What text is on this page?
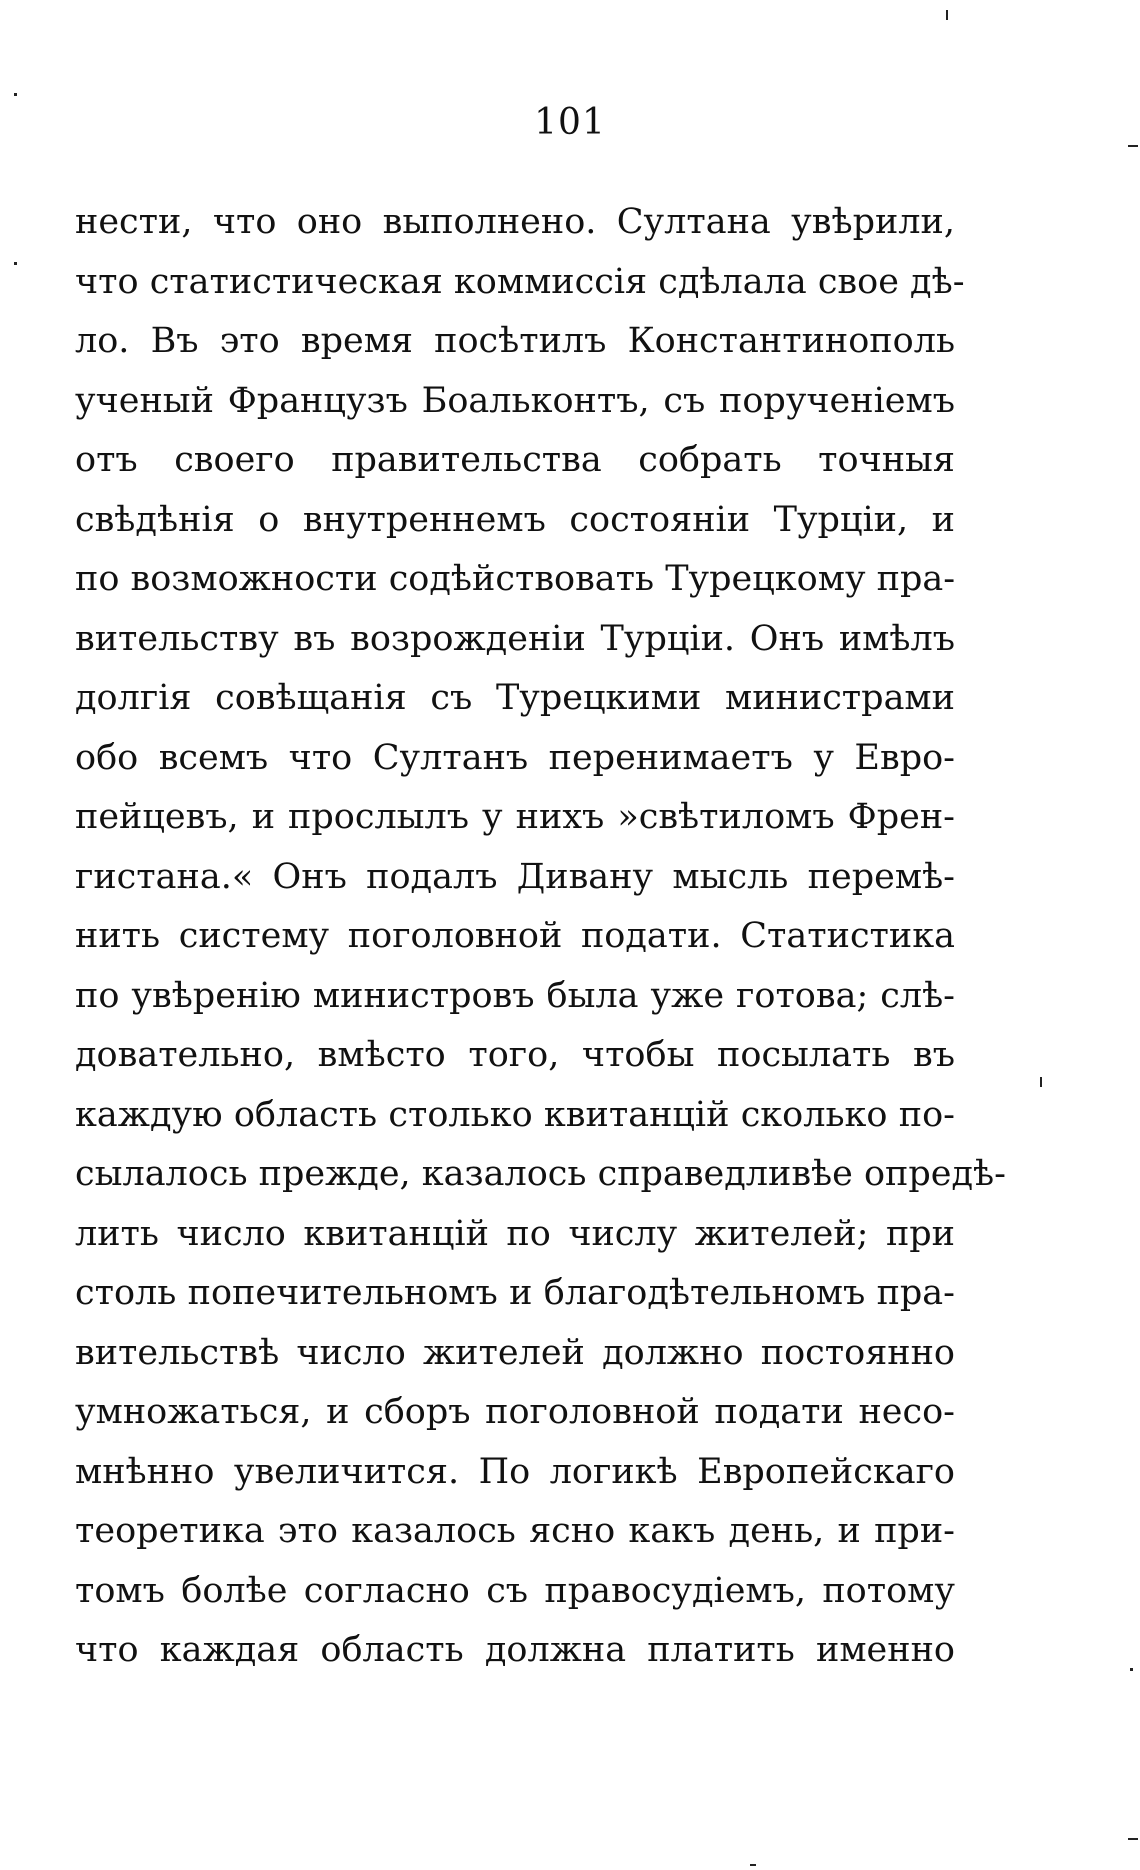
101
нести, что оно выполнено. Султана увѣрили,
что статистическая коммиссія сдѣлала свое дѣ-
ло. Въ это время посѣтилъ Константинополь
ученый Французъ Боальконтъ, съ порученіемъ
отъ своего правительства собрать точныя
свѣдѣнія о внутреннемъ состояніи Турціи, и
по возможности содѣйствовать Турецкому пра-
вительству въ возрожденіи Турціи. Онъ имѣлъ
долгія совѣщанія съ Турецкими министрами
обо всемъ что Султанъ перенимаетъ у Евро-
пейцевъ, и прослылъ у нихъ »свѣтиломъ Френ-
гистана.« Онъ подалъ Дивану мысль перемѣ-
нить систему поголовной подати. Статистика
по увѣренію министровъ была уже готова; слѣ-
довательно, вмѣсто того, чтобы посылать въ
каждую область столько квитанцій сколько по-
сылалось прежде, казалось справедливѣе опредѣ-
лить число квитанцій по числу жителей; при
столь попечительномъ и благодѣтельномъ пра-
вительствѣ число жителей должно постоянно
умножаться, и сборъ поголовной подати несо-
мнѣнно увеличится. По логикѣ Европейскаго
теоретика это казалось ясно какъ день, и при-
томъ болѣе согласно съ правосудіемъ, потому
что каждая область должна платить именно
